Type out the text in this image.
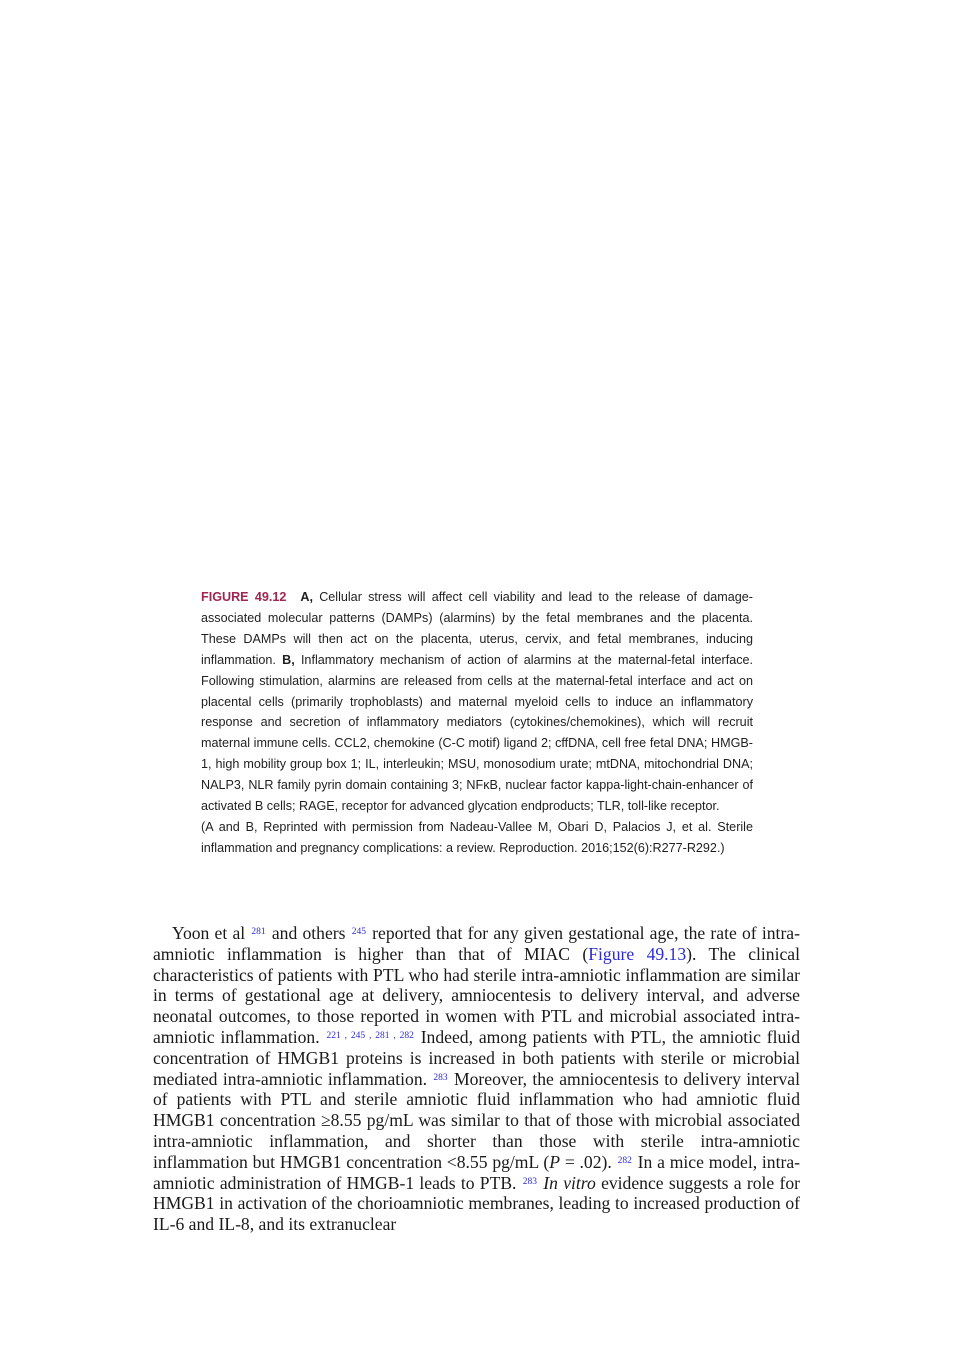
FIGURE 49.12 A, Cellular stress will affect cell viability and lead to the release of damage-associated molecular patterns (DAMPs) (alarmins) by the fetal membranes and the placenta. These DAMPs will then act on the placenta, uterus, cervix, and fetal membranes, inducing inflammation. B, Inflammatory mechanism of action of alarmins at the maternal-fetal interface. Following stimulation, alarmins are released from cells at the maternal-fetal interface and act on placental cells (primarily trophoblasts) and maternal myeloid cells to induce an inflammatory response and secretion of inflammatory mediators (cytokines/chemokines), which will recruit maternal immune cells. CCL2, chemokine (C-C motif) ligand 2; cffDNA, cell free fetal DNA; HMGB-1, high mobility group box 1; IL, interleukin; MSU, monosodium urate; mtDNA, mitochondrial DNA; NALP3, NLR family pyrin domain containing 3; NFκB, nuclear factor kappa-light-chain-enhancer of activated B cells; RAGE, receptor for advanced glycation endproducts; TLR, toll-like receptor.

(A and B, Reprinted with permission from Nadeau-Vallee M, Obari D, Palacios J, et al. Sterile inflammation and pregnancy complications: a review. Reproduction. 2016;152(6):R277-R292.)

Yoon et al $^{281}$ and others $^{245}$ reported that for any given gestational age, the rate of intra-amniotic inflammation is higher than that of MIAC (Figure 49.13). The clinical characteristics of patients with PTL who had sterile intra-amniotic inflammation are similar in terms of gestational age at delivery, amniocentesis to delivery interval, and adverse neonatal outcomes, to those reported in women with PTL and microbial associated intra-amniotic inflammation. $^{221 , 245 , 281 , 282}$ Indeed, among patients with PTL, the amniotic fluid concentration of HMGB1 proteins is increased in both patients with sterile or microbial mediated intra-amniotic inflammation. $^{283}$ Moreover, the amniocentesis to delivery interval of patients with PTL and sterile amniotic fluid inflammation who had amniotic fluid HMGB1 concentration ≥8.55 pg/mL was similar to that of those with microbial associated intra-amniotic inflammation, and shorter than those with sterile intra-amniotic inflammation but HMGB1 concentration <8.55 pg/mL (P = .02). $^{282}$ In a mice model, intra-amniotic administration of HMGB-1 leads to PTB. $^{283}$ In vitro evidence suggests a role for HMGB1 in activation of the chorioamniotic membranes, leading to increased production of IL-6 and IL-8, and its extranuclear
